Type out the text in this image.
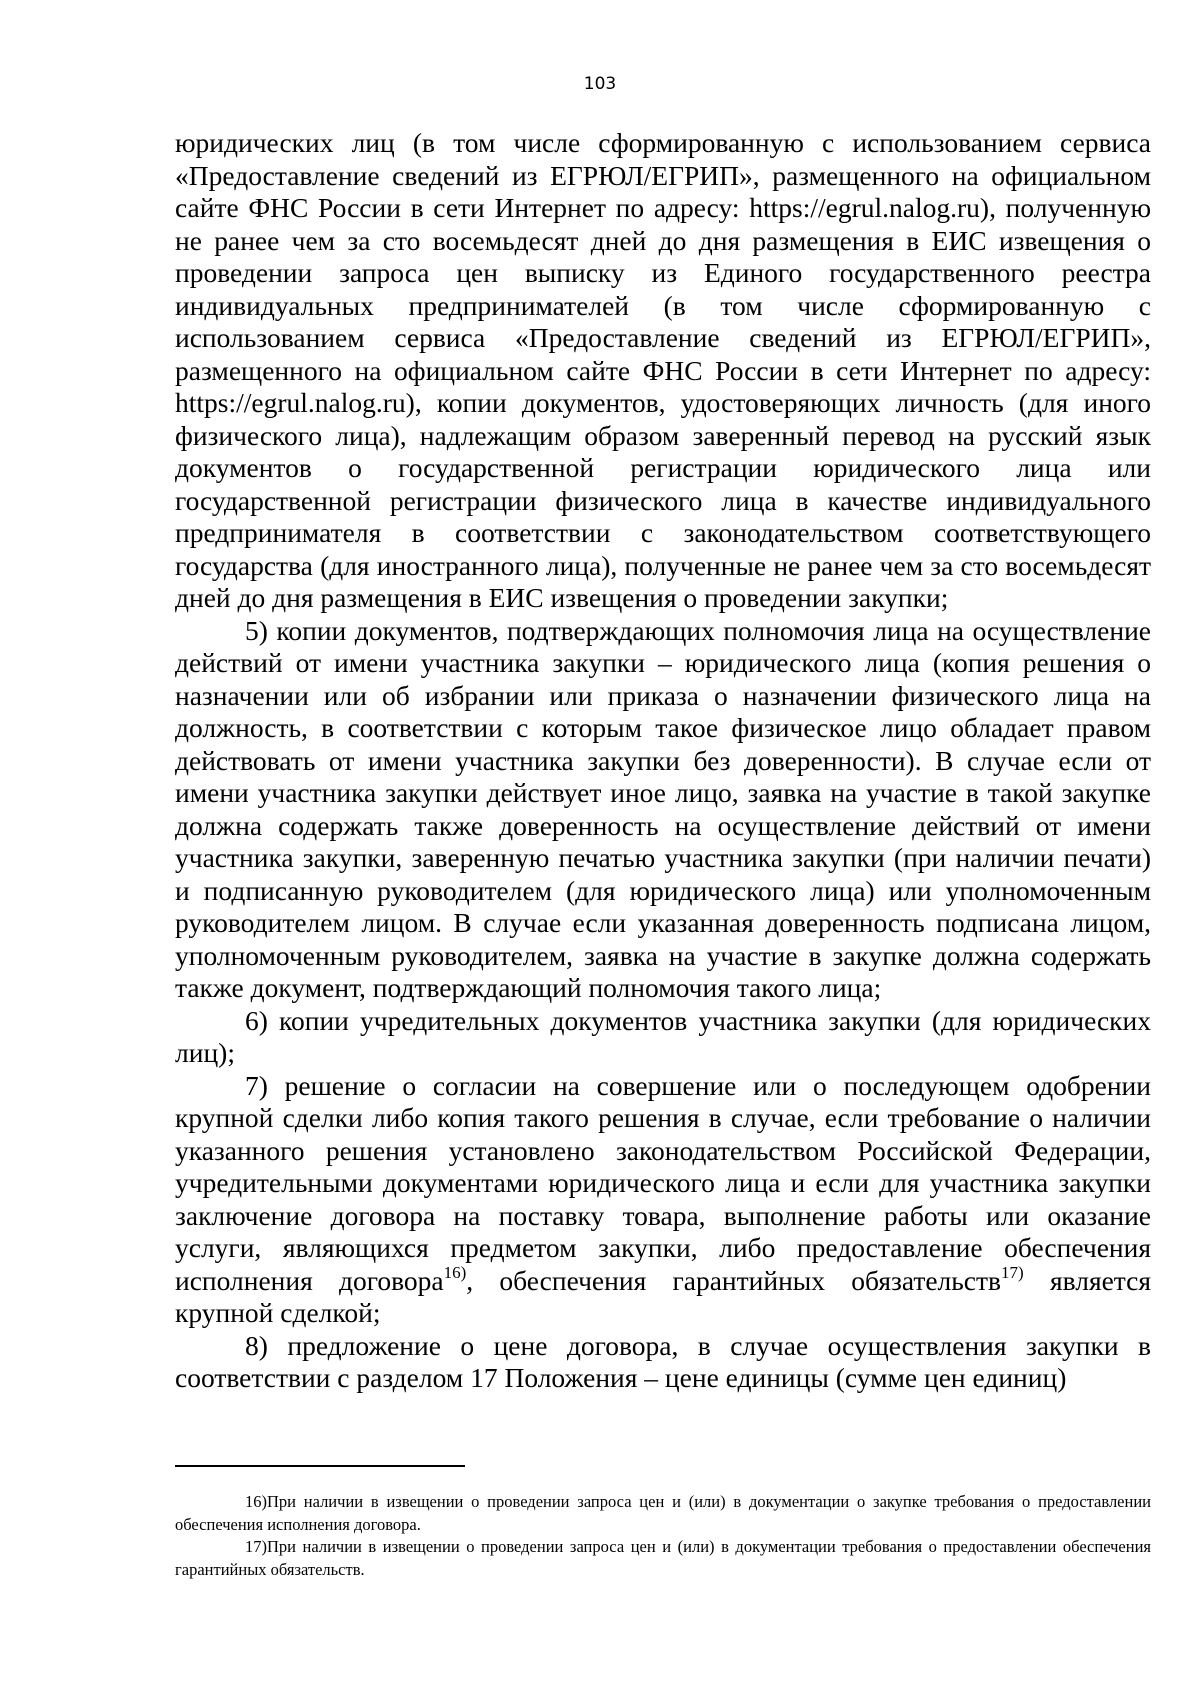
103

юридических лиц (в том числе сформированную с использованием сервиса «Предоставление сведений из ЕГРЮЛ/ЕГРИП», размещенного на официальном сайте ФНС России в сети Интернет по адресу: https://egrul.nalog.ru), полученную не ранее чем за сто восемьдесят дней до дня размещения в ЕИС извещения о проведении запроса цен выписку из Единого государственного реестра индивидуальных предпринимателей (в том числе сформированную с использованием сервиса «Предоставление сведений из ЕГРЮЛ/ЕГРИП», размещенного на официальном сайте ФНС России в сети Интернет по адресу: https://egrul.nalog.ru), копии документов, удостоверяющих личность (для иного физического лица), надлежащим образом заверенный перевод на русский язык документов о государственной регистрации юридического лица или государственной регистрации физического лица в качестве индивидуального предпринимателя в соответствии с законодательством соответствующего государства (для иностранного лица), полученные не ранее чем за сто восемьдесят дней до дня размещения в ЕИС извещения о проведении закупки;

5) копии документов, подтверждающих полномочия лица на осуществление действий от имени участника закупки – юридического лица (копия решения о назначении или об избрании или приказа о назначении физического лица на должность, в соответствии с которым такое физическое лицо обладает правом действовать от имени участника закупки без доверенности). В случае если от имени участника закупки действует иное лицо, заявка на участие в такой закупке должна содержать также доверенность на осуществление действий от имени участника закупки, заверенную печатью участника закупки (при наличии печати) и подписанную руководителем (для юридического лица) или уполномоченным руководителем лицом. В случае если указанная доверенность подписана лицом, уполномоченным руководителем, заявка на участие в закупке должна содержать также документ, подтверждающий полномочия такого лица;

6) копии учредительных документов участника закупки (для юридических лиц);

7) решение о согласии на совершение или о последующем одобрении крупной сделки либо копия такого решения в случае, если требование о наличии указанного решения установлено законодательством Российской Федерации, учредительными документами юридического лица и если для участника закупки заключение договора на поставку товара, выполнение работы или оказание услуги, являющихся предметом закупки, либо предоставление обеспечения исполнения договора$^{16)}$, обеспечения гарантийных обязательств$^{17)}$ является крупной сделкой;

8) предложение о цене договора, в случае осуществления закупки в соответствии с разделом 17 Положения – цене единицы (сумме цен единиц)

16)При наличии в извещении о проведении запроса цен и (или) в документации о закупке требования о предоставлении обеспечения исполнения договора.

17)При наличии в извещении о проведении запроса цен и (или) в документации требования о предоставлении обеспечения гарантийных обязательств.
